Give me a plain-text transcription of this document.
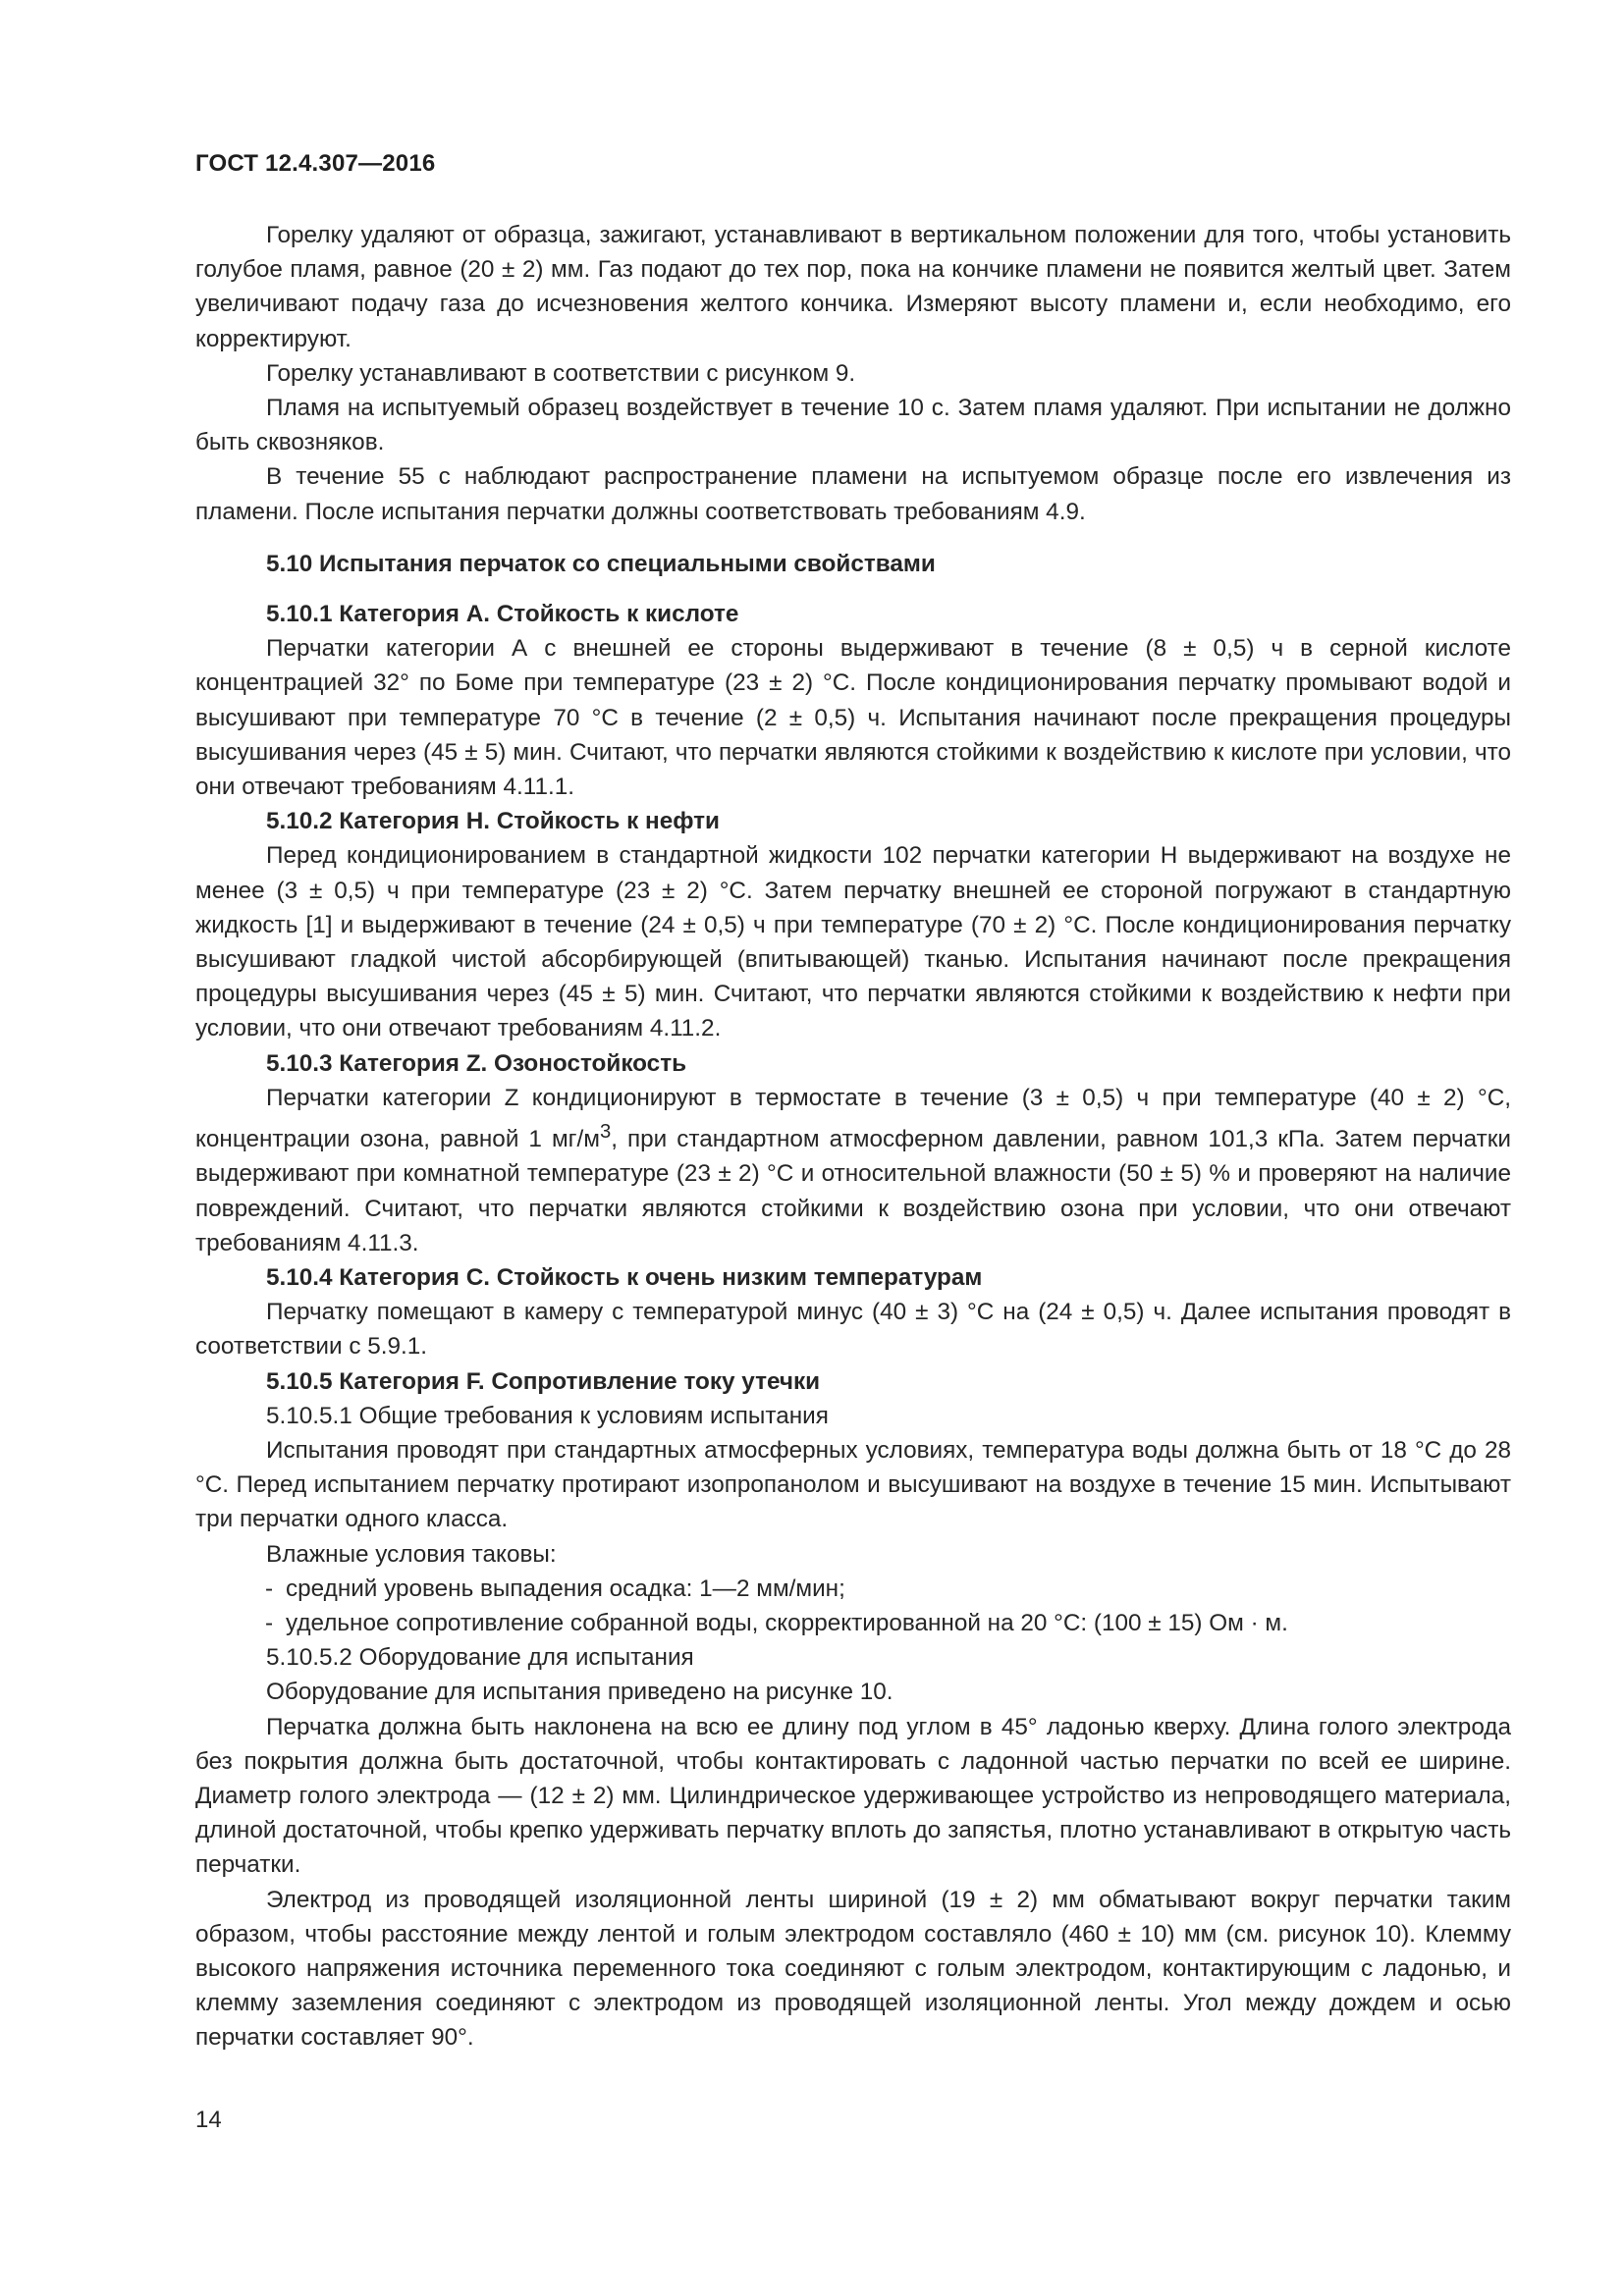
ГОСТ 12.4.307—2016

Горелку удаляют от образца, зажигают, устанавливают в вертикальном положении для того, чтобы установить голубое пламя, равное (20 ± 2) мм. Газ подают до тех пор, пока на кончике пламени не появится желтый цвет. Затем увеличивают подачу газа до исчезновения желтого кончика. Измеряют высоту пламени и, если необходимо, его корректируют.

Горелку устанавливают в соответствии с рисунком 9.

Пламя на испытуемый образец воздействует в течение 10 с. Затем пламя удаляют. При испытании не должно быть сквозняков.

В течение 55 с наблюдают распространение пламени на испытуемом образце после его извлечения из пламени. После испытания перчатки должны соответствовать требованиям 4.9.

5.10 Испытания перчаток со специальными свойствами

5.10.1 Категория А. Стойкость к кислоте

Перчатки категории А с внешней ее стороны выдерживают в течение (8 ± 0,5) ч в серной кислоте концентрацией 32° по Боме при температуре (23 ± 2) °С. После кондиционирования перчатку промывают водой и высушивают при температуре 70 °С в течение (2 ± 0,5) ч. Испытания начинают после прекращения процедуры высушивания через (45 ± 5) мин. Считают, что перчатки являются стойкими к воздействию к кислоте при условии, что они отвечают требованиям 4.11.1.

5.10.2 Категория Н. Стойкость к нефти

Перед кондиционированием в стандартной жидкости 102 перчатки категории Н выдерживают на воздухе не менее (3 ± 0,5) ч при температуре (23 ± 2) °С. Затем перчатку внешней ее стороной погружают в стандартную жидкость [1] и выдерживают в течение (24 ± 0,5) ч при температуре (70 ± 2) °С. После кондиционирования перчатку высушивают гладкой чистой абсорбирующей (впитывающей) тканью. Испытания начинают после прекращения процедуры высушивания через (45 ± 5) мин. Считают, что перчатки являются стойкими к воздействию к нефти при условии, что они отвечают требованиям 4.11.2.

5.10.3 Категория Z. Озоностойкость

Перчатки категории Z кондиционируют в термостате в течение (3 ± 0,5) ч при температуре (40 ± 2) °С, концентрации озона, равной 1 $мг/м^3$, при стандартном атмосферном давлении, равном 101,3 кПа. Затем перчатки выдерживают при комнатной температуре (23 ± 2) °С и относительной влажности (50 ± 5) % и проверяют на наличие повреждений. Считают, что перчатки являются стойкими к воздействию озона при условии, что они отвечают требованиям 4.11.3.

5.10.4 Категория С. Стойкость к очень низким температурам

Перчатку помещают в камеру с температурой минус (40 ± 3) °С на (24 ± 0,5) ч. Далее испытания проводят в соответствии с 5.9.1.

5.10.5 Категория F. Сопротивление току утечки

5.10.5.1 Общие требования к условиям испытания

Испытания проводят при стандартных атмосферных условиях, температура воды должна быть от 18 °С до 28 °С. Перед испытанием перчатку протирают изопропанолом и высушивают на воздухе в течение 15 мин. Испытывают три перчатки одного класса.

Влажные условия таковы:

- средний уровень выпадения осадка: 1—2 мм/мин;

- удельное сопротивление собранной воды, скорректированной на 20 °С: (100 ± 15) Ом · м.

5.10.5.2 Оборудование для испытания

Оборудование для испытания приведено на рисунке 10.

Перчатка должна быть наклонена на всю ее длину под углом в 45° ладонью кверху. Длина голого электрода без покрытия должна быть достаточной, чтобы контактировать с ладонной частью перчатки по всей ее ширине. Диаметр голого электрода — (12 ± 2) мм. Цилиндрическое удерживающее устройство из непроводящего материала, длиной достаточной, чтобы крепко удерживать перчатку вплоть до запястья, плотно устанавливают в открытую часть перчатки.

Электрод из проводящей изоляционной ленты шириной (19 ± 2) мм обматывают вокруг перчатки таким образом, чтобы расстояние между лентой и голым электродом составляло (460 ± 10) мм (см. рисунок 10). Клемму высокого напряжения источника переменного тока соединяют с голым электродом, контактирующим с ладонью, и клемму заземления соединяют с электродом из проводящей изоляционной ленты. Угол между дождем и осью перчатки составляет 90°.

14
